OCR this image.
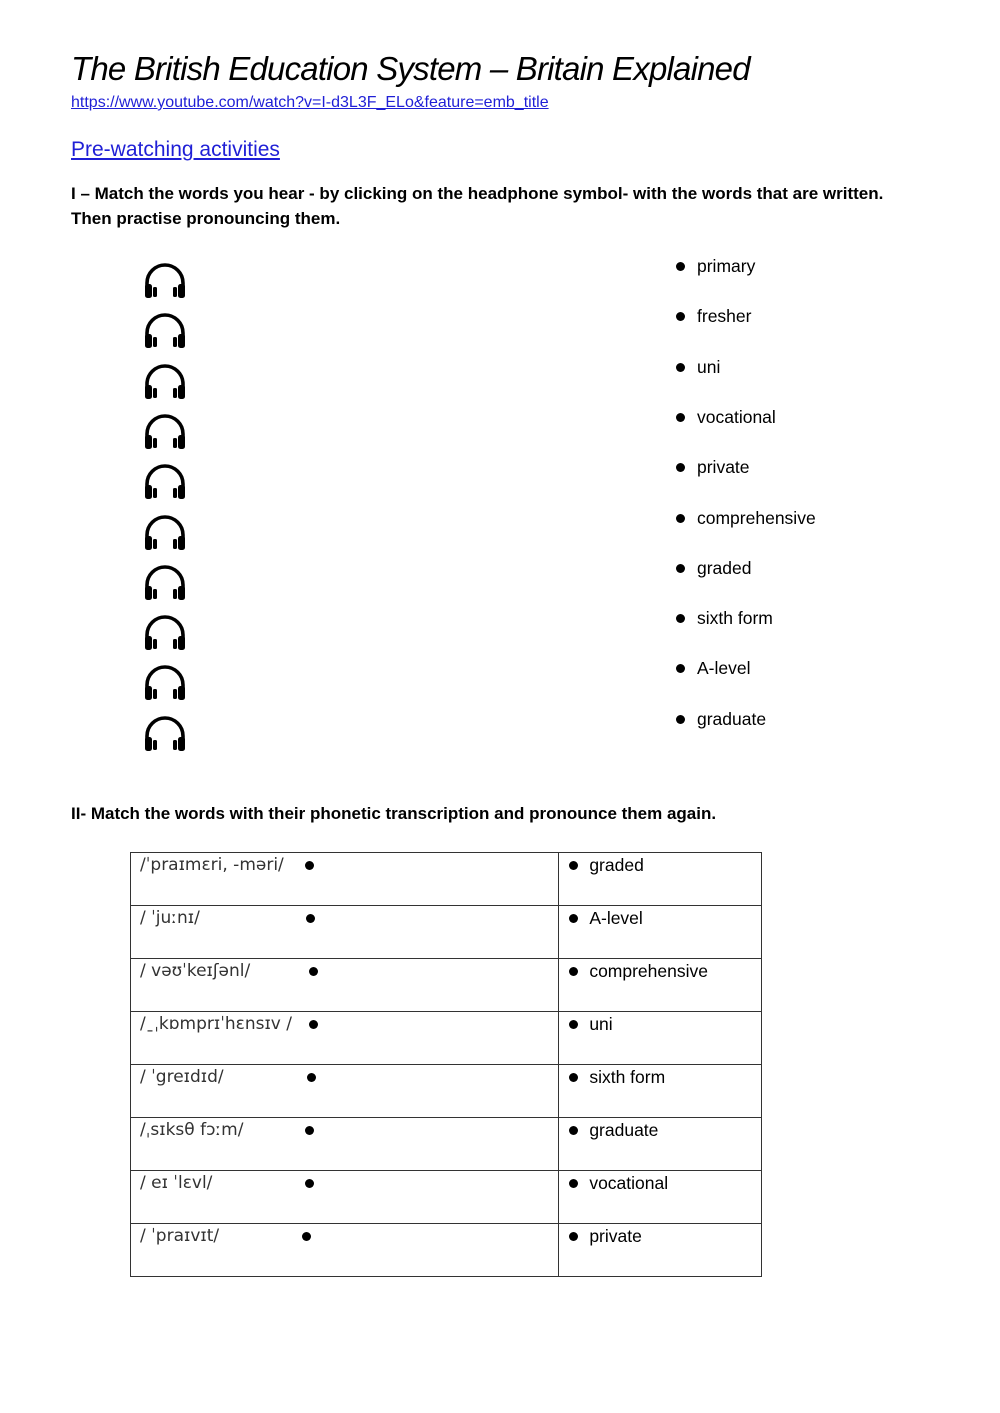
The British Education System – Britain Explained
https://www.youtube.com/watch?v=I-d3L3F_ELo&feature=emb_title
Pre-watching activities
I – Match the words you hear - by clicking on the headphone symbol- with the words that are written. Then practise pronouncing them.
primary
fresher
uni
vocational
private
comprehensive
graded
sixth form
A-level
graduate
II- Match the words with their phonetic transcription and pronounce them again.
/ˈpraɪmɛri, -məri/	graded

/ ˈjuːnɪ/	A-level

/ vəʊˈkeɪʃənl/	comprehensive

/ˍˌkɒmprɪˈhɛnsɪv /	uni

/ ˈgreɪdɪd/	sixth form

/ˌsɪksθ fɔːm/	graduate

/ eɪ ˈlɛvl/	vocational

/ ˈpraɪvɪt/	private
